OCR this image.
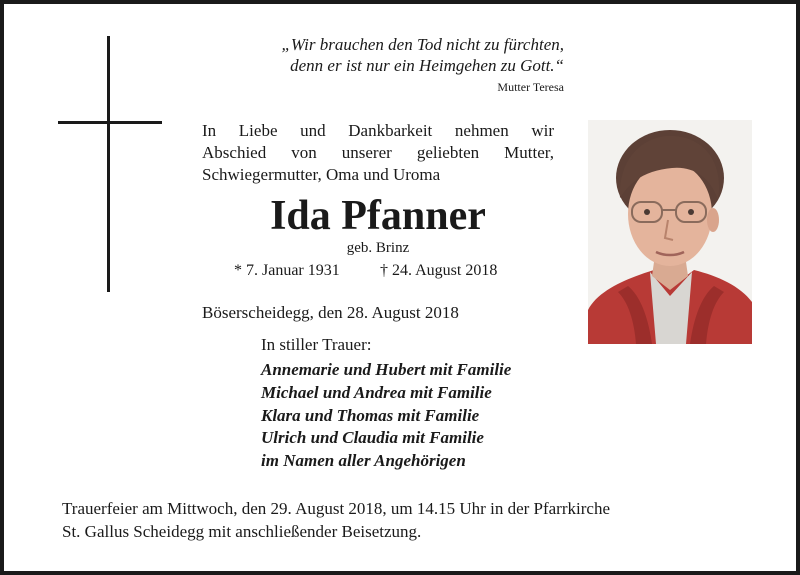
„Wir brauchen den Tod nicht zu fürchten,
denn er ist nur ein Heimgehen zu Gott.“
Mutter Teresa
In Liebe und Dankbarkeit nehmen wir
Abschied von unserer geliebten Mutter,
Schwiegermutter, Oma und Uroma
Ida Pfanner
geb. Brinz
* 7. Januar 1931	† 24. August 2018
Böserscheidegg, den 28. August 2018
In stiller Trauer:
Annemarie und Hubert mit Familie
Michael und Andrea mit Familie
Klara und Thomas mit Familie
Ulrich und Claudia mit Familie
im Namen aller Angehörigen
Trauerfeier am Mittwoch, den 29. August 2018, um 14.15 Uhr in der Pfarrkirche
St. Gallus Scheidegg mit anschließender Beisetzung.
